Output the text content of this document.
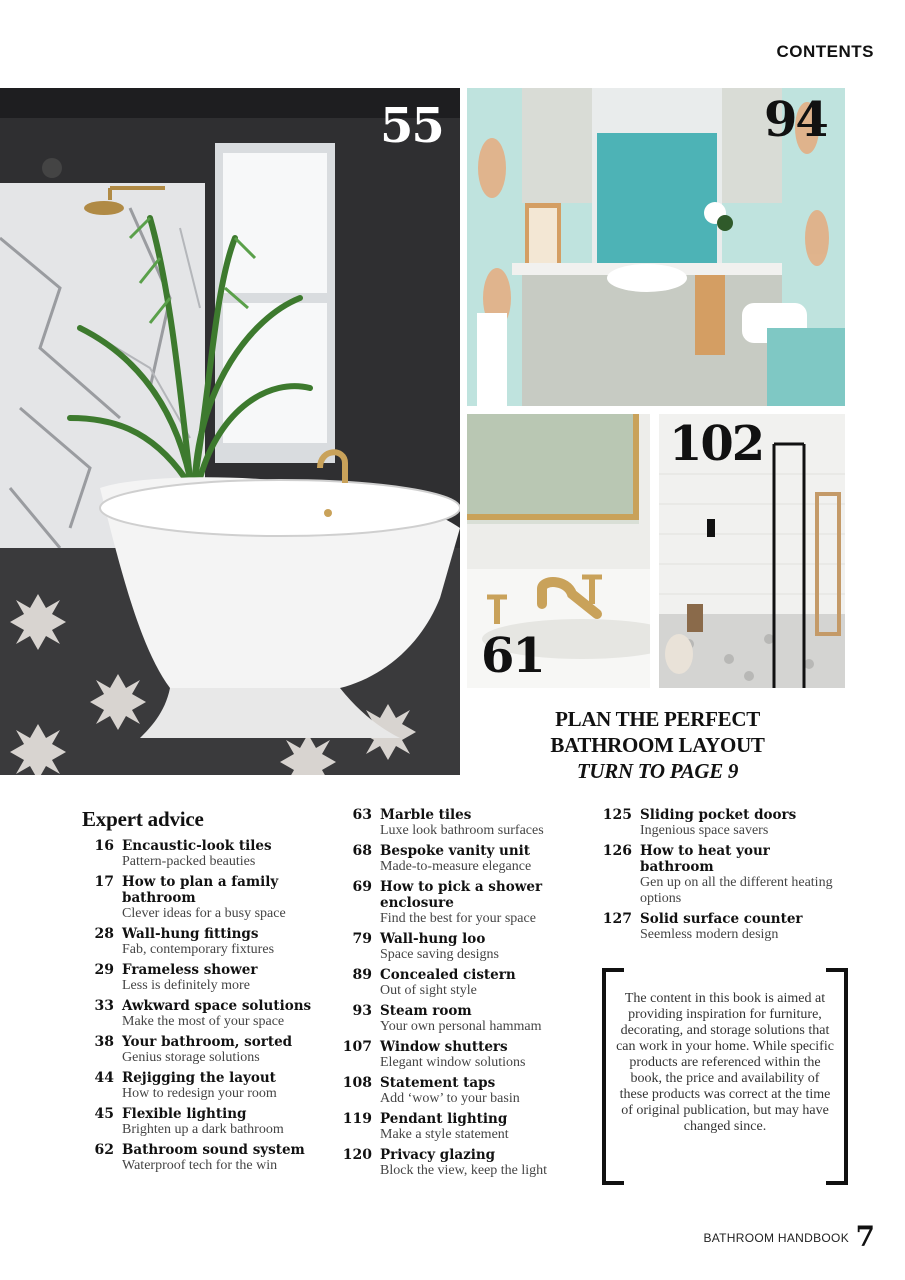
CONTENTS
55	94
61
102
PLAN THE PERFECT
BATHROOM LAYOUT
TURN TO PAGE 9
Expert advice
16 Encaustic-look tiles
Pattern-packed beauties
17 How to plan a family bathroom
Clever ideas for a busy space
28 Wall-hung fittings
Fab, contemporary fixtures
29 Frameless shower
Less is definitely more
33 Awkward space solutions
Make the most of your space
38 Your bathroom, sorted
Genius storage solutions
44 Rejigging the layout
How to redesign your room
45 Flexible lighting
Brighten up a dark bathroom
62 Bathroom sound system
Waterproof tech for the win
63 Marble tiles
Luxe look bathroom surfaces
68 Bespoke vanity unit
Made-to-measure elegance
69 How to pick a shower enclosure
Find the best for your space
79 Wall-hung loo
Space saving designs
89 Concealed cistern
Out of sight style
93 Steam room
Your own personal hammam
107 Window shutters
Elegant window solutions
108 Statement taps
Add ‘wow’ to your basin
119 Pendant lighting
Make a style statement
120 Privacy glazing
Block the view, keep the light
125 Sliding pocket doors
Ingenious space savers
126 How to heat your bathroom
Gen up on all the different heating options
127 Solid surface counter
Seemless modern design
The content in this book is aimed at providing inspiration for furniture, decorating, and storage solutions that can work in your home. While specific products are referenced within the book, the price and availability of these products was correct at the time of original publication, but may have changed since.
BATHROOM HANDBOOK 7
